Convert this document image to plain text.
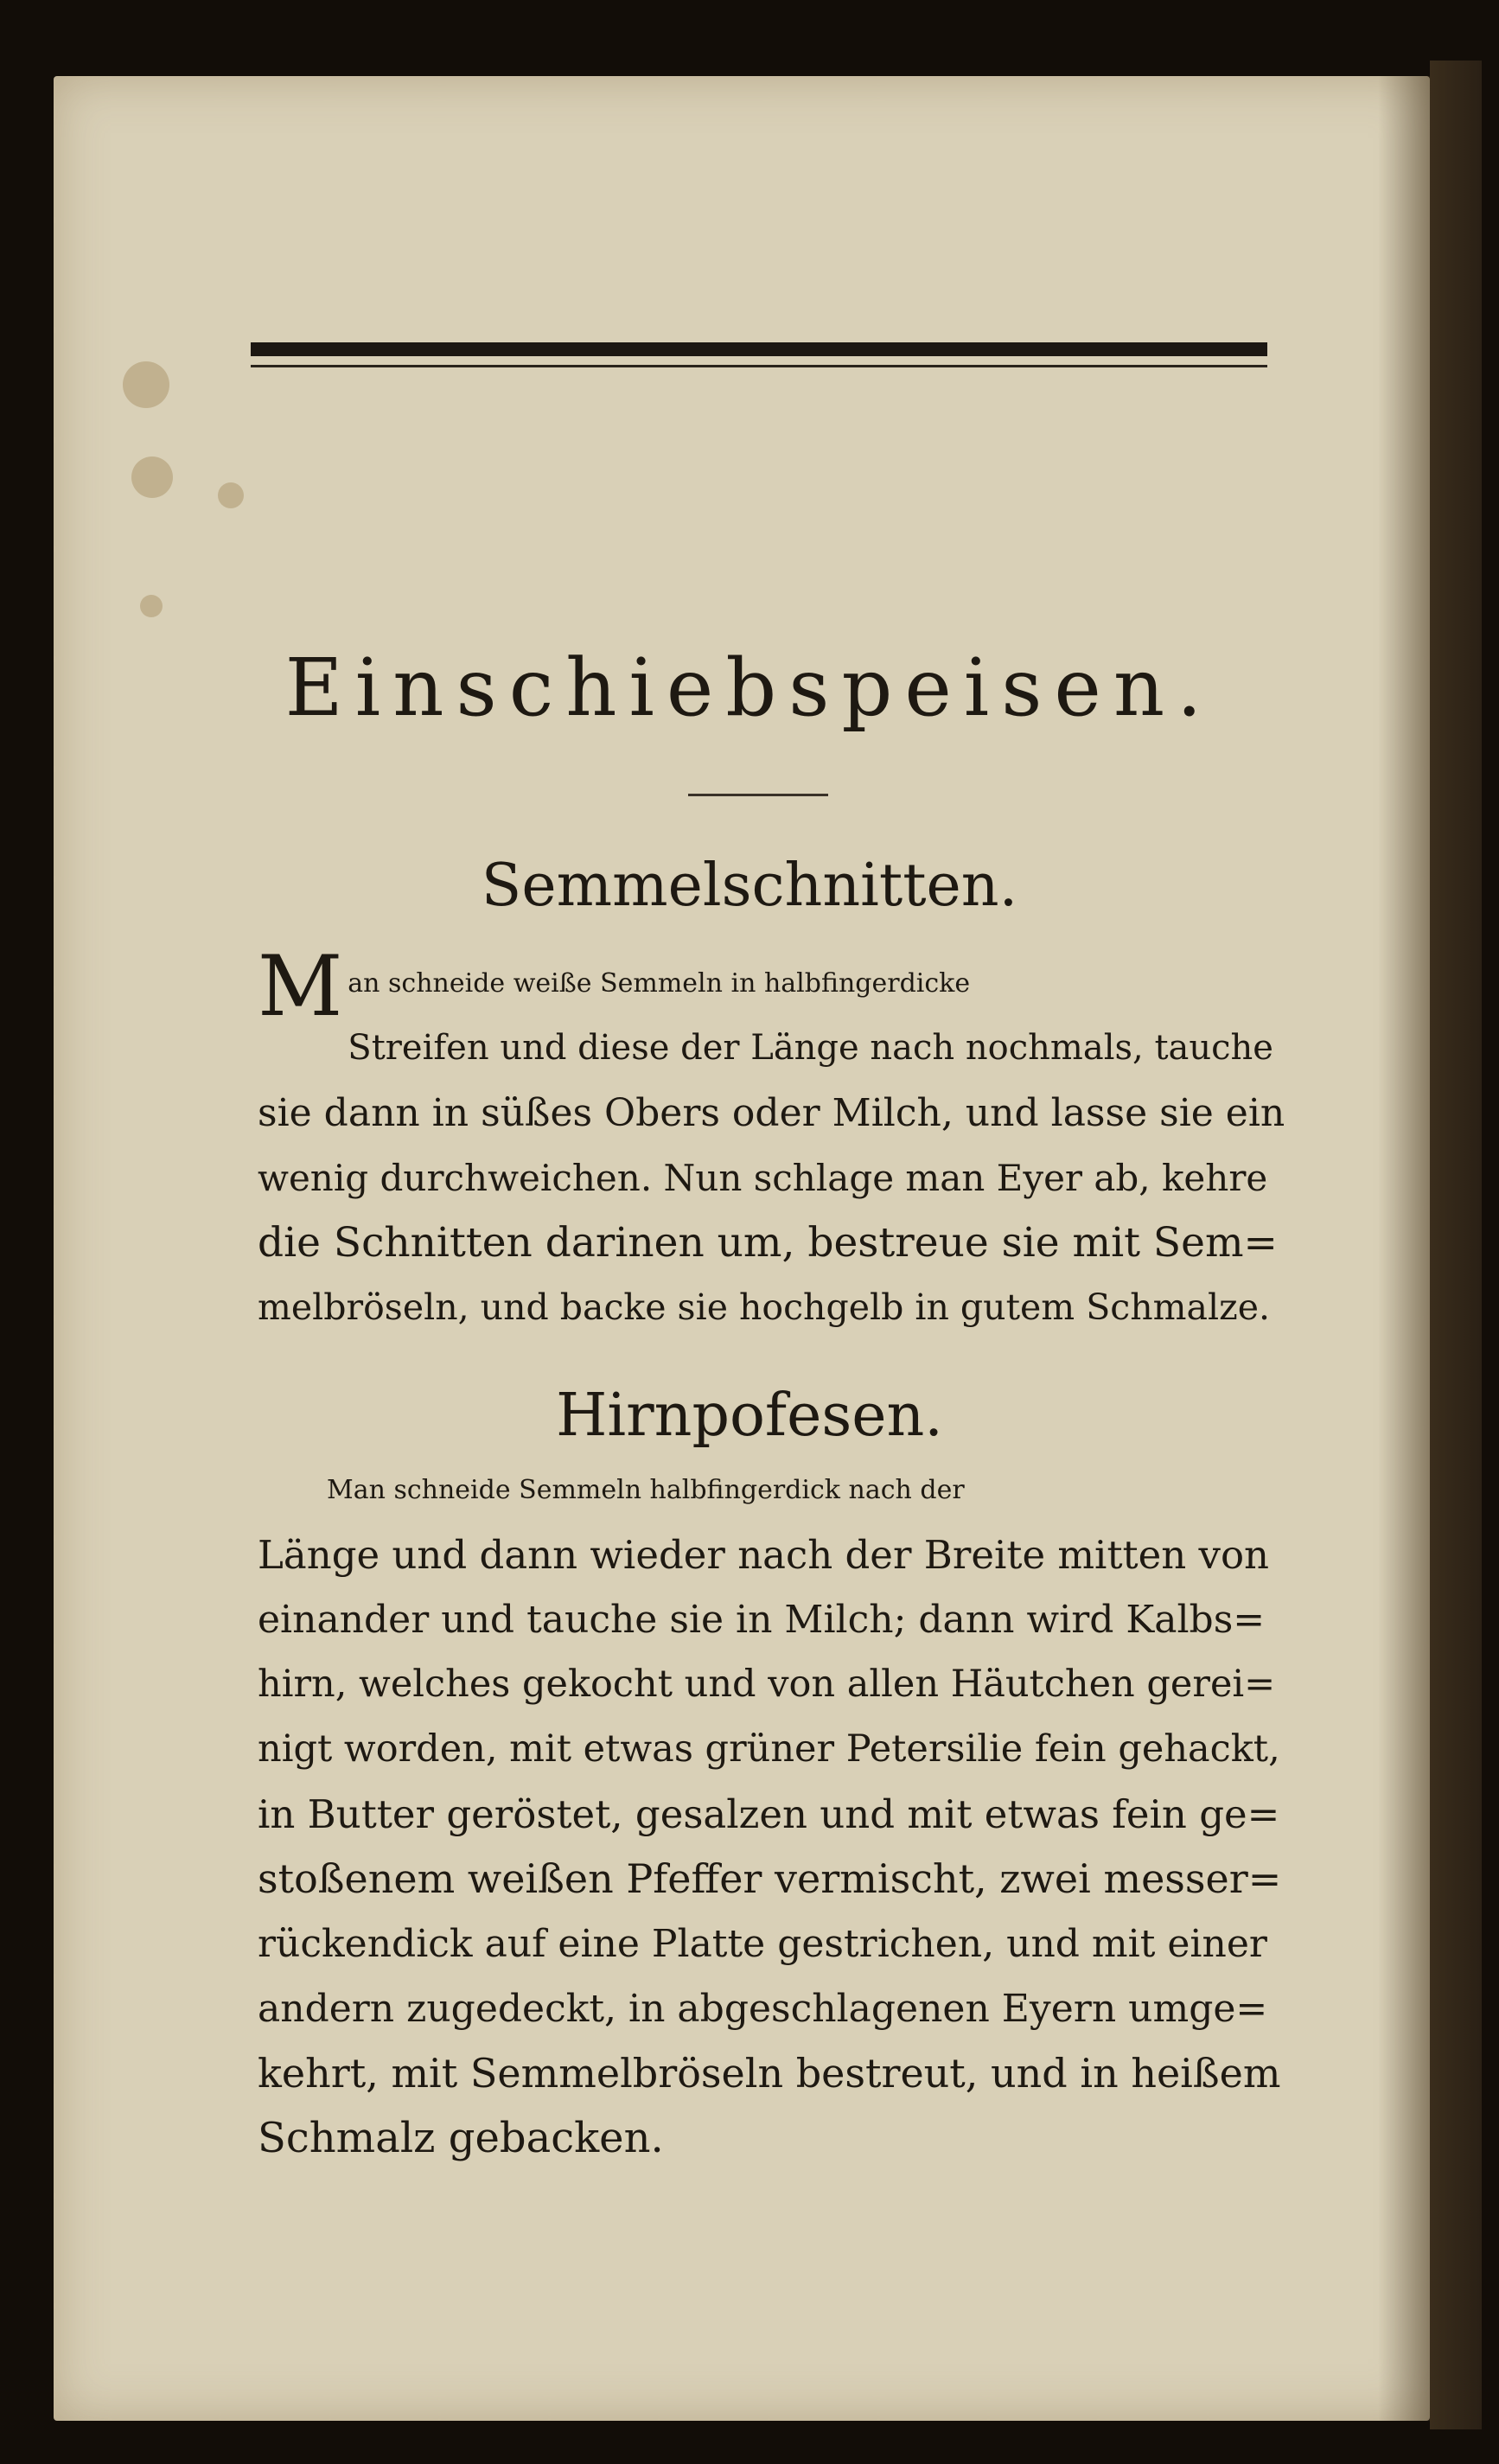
Einschiebspeisen.
Semmelschnitten.
M an schneide weiße Semmeln in halbfingerdicke
Streifen und diese der Länge nach nochmals, tauche
sie dann in süßes Obers oder Milch, und lasse sie ein
wenig durchweichen. Nun schlage man Eyer ab, kehre
die Schnitten darinen um, bestreue sie mit Sem=
melbröseln, und backe sie hochgelb in gutem Schmalze.
Hirnpofesen.
Man schneide Semmeln halbfingerdick nach der
Länge und dann wieder nach der Breite mitten von
einander und tauche sie in Milch; dann wird Kalbs=
hirn, welches gekocht und von allen Häutchen gerei=
nigt worden, mit etwas grüner Petersilie fein gehackt,
in Butter geröstet, gesalzen und mit etwas fein ge=
stoßenem weißen Pfeffer vermischt, zwei messer=
rückendick auf eine Platte gestrichen, und mit einer
andern zugedeckt, in abgeschlagenen Eyern umge=
kehrt, mit Semmelbröseln bestreut, und in heißem
Schmalz gebacken.
